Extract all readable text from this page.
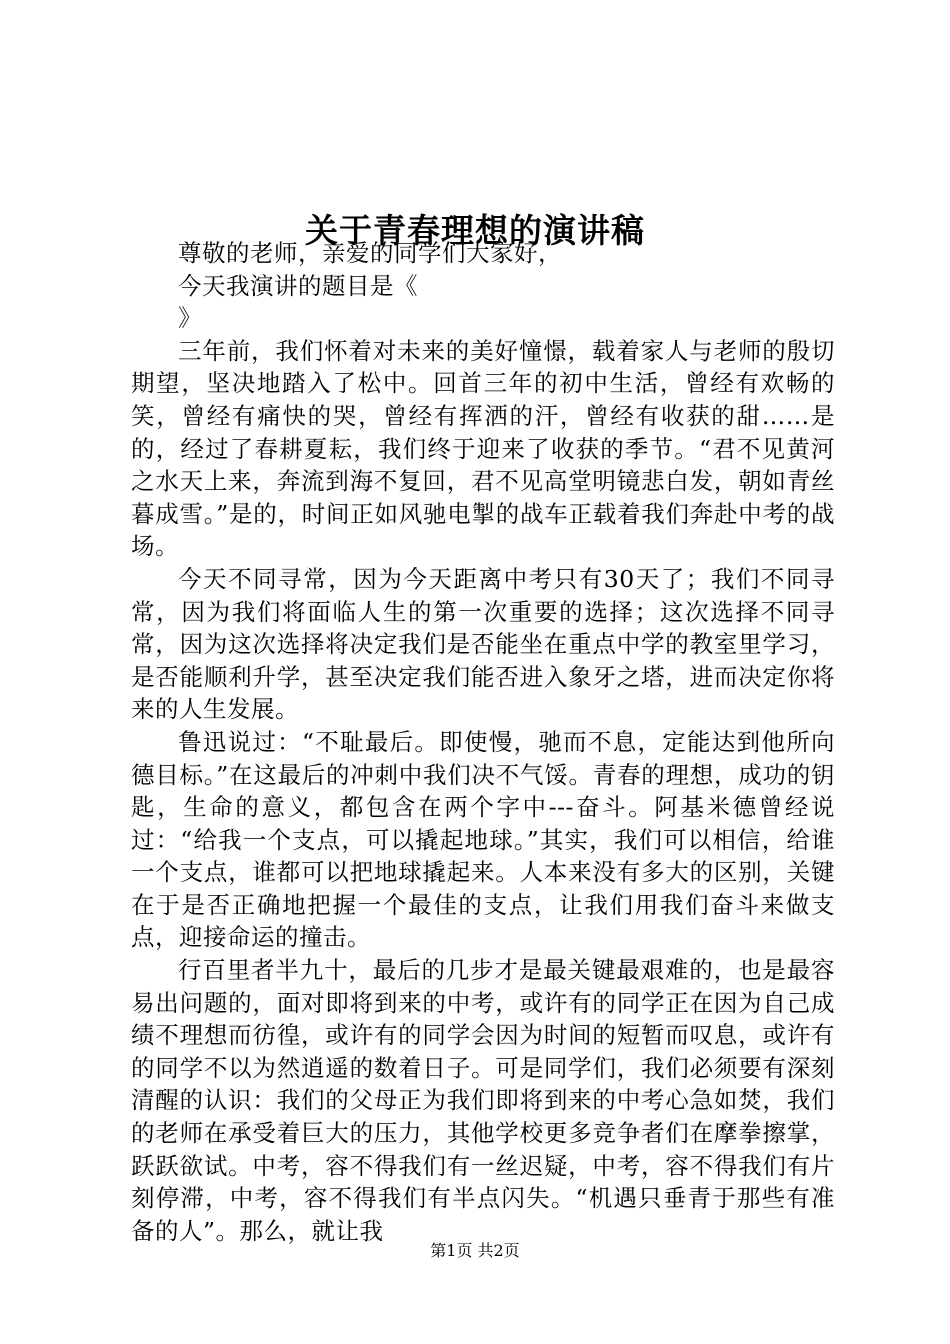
关于青春理想的演讲稿

尊敬的老师，亲爱的同学们大家好，

今天我演讲的题目是《

》

三年前，我们怀着对未来的美好憧憬，载着家人与老师的殷切期望，坚决地踏入了松中。回首三年的初中生活，曾经有欢畅的笑，曾经有痛快的哭，曾经有挥洒的汗，曾经有收获的甜……是的，经过了春耕夏耘，我们终于迎来了收获的季节。“君不见黄河之水天上来，奔流到海不复回，君不见高堂明镜悲白发，朝如青丝暮成雪。”是的，时间正如风驰电掣的战车正载着我们奔赴中考的战场。

今天不同寻常，因为今天距离中考只有30天了；我们不同寻常，因为我们将面临人生的第一次重要的选择；这次选择不同寻常，因为这次选择将决定我们是否能坐在重点中学的教室里学习，是否能顺利升学，甚至决定我们能否进入象牙之塔，进而决定你将来的人生发展。

鲁迅说过：“不耻最后。即使慢，驰而不息，定能达到他所向德目标。”在这最后的冲刺中我们决不气馁。青春的理想，成功的钥匙，生命的意义，都包含在两个字中---奋斗。阿基米德曾经说过：“给我一个支点，可以撬起地球。”其实，我们可以相信，给谁一个支点，谁都可以把地球撬起来。人本来没有多大的区别，关键在于是否正确地把握一个最佳的支点，让我们用我们奋斗来做支点，迎接命运的撞击。

行百里者半九十，最后的几步才是最关键最艰难的，也是最容易出问题的，面对即将到来的中考，或许有的同学正在因为自己成绩不理想而彷徨，或许有的同学会因为时间的短暂而叹息，或许有的同学不以为然逍遥的数着日子。可是同学们，我们必须要有深刻清醒的认识：我们的父母正为我们即将到来的中考心急如焚，我们的老师在承受着巨大的压力，其他学校更多竞争者们在摩拳擦掌，跃跃欲试。中考，容不得我们有一丝迟疑，中考，容不得我们有片刻停滞，中考，容不得我们有半点闪失。“机遇只垂青于那些有准备的人”。那么，就让我

第1页 共2页
